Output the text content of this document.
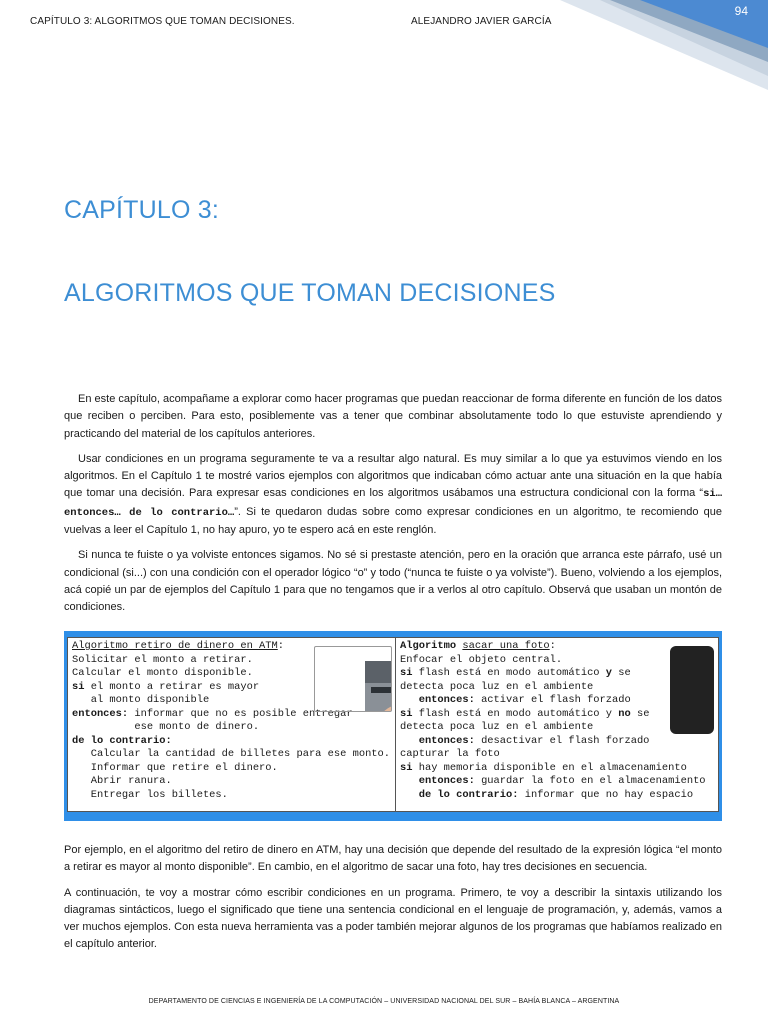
94
CAPÍTULO 3: ALGORITMOS QUE TOMAN DECISIONES.	ALEJANDRO JAVIER GARCÍA
CAPÍTULO 3:
ALGORITMOS QUE TOMAN DECISIONES

En este capítulo, acompañame a explorar como hacer programas que puedan reaccionar de forma diferente en función de los datos que reciben o perciben. Para esto, posiblemente vas a tener que combinar absolutamente todo lo que estuviste aprendiendo y practicando del material de los capítulos anteriores.

Usar condiciones en un programa seguramente te va a resultar algo natural. Es muy similar a lo que ya estuvimos viendo en los algoritmos. En el Capítulo 1 te mostré varios ejemplos con algoritmos que indicaban cómo actuar ante una situación en la que había que tomar una decisión. Para expresar esas condiciones en los algoritmos usábamos una estructura condicional con la forma “si… entonces… de lo contrario…”. Si te quedaron dudas sobre como expresar condiciones en un algoritmo, te recomiendo que vuelvas a leer el Capítulo 1, no hay apuro, yo te espero acá en este renglón.

Si nunca te fuiste o ya volviste entonces sigamos. No sé si prestaste atención, pero en la oración que arranca este párrafo, usé un condicional (si...) con una condición con el operador lógico “o” y todo (“nunca te fuiste o ya volviste”). Bueno, volviendo a los ejemplos, acá copié un par de ejemplos del Capítulo 1 para que no tengamos que ir a verlos al otro capítulo. Observá que usaban un montón de condiciones.

Algoritmo retiro de dinero en ATM:
Solicitar el monto a retirar.
Calcular el monto disponible.
si el monto a retirar es mayor
al monto disponible
entonces: informar que no es posible entregar
ese monto de dinero.
de lo contrario:
Calcular la cantidad de billetes para ese monto.
Informar que retire el dinero.
Abrir ranura.
Entregar los billetes.

Algoritmo sacar una foto:
Enfocar el objeto central.
si flash está en modo automático y se
detecta poca luz en el ambiente
entonces: activar el flash forzado
si flash está en modo automático y no se
detecta poca luz en el ambiente
entonces: desactivar el flash forzado
capturar la foto
si hay memoria disponible en el almacenamiento
entonces: guardar la foto en el almacenamiento
de lo contrario: informar que no hay espacio

Por ejemplo, en el algoritmo del retiro de dinero en ATM, hay una decisión que depende del resultado de la expresión lógica “el monto a retirar es mayor al monto disponible”. En cambio, en el algoritmo de sacar una foto, hay tres decisiones en secuencia.

A continuación, te voy a mostrar cómo escribir condiciones en un programa. Primero, te voy a describir la sintaxis utilizando los diagramas sintácticos, luego el significado que tiene una sentencia condicional en el lenguaje de programación, y, además, vamos a ver muchos ejemplos. Con esta nueva herramienta vas a poder también mejorar algunos de los programas que habíamos realizado en el capítulo anterior.

DEPARTAMENTO DE CIENCIAS E INGENIERÍA DE LA COMPUTACIÓN – UNIVERSIDAD NACIONAL DEL SUR – BAHÍA BLANCA – ARGENTINA
